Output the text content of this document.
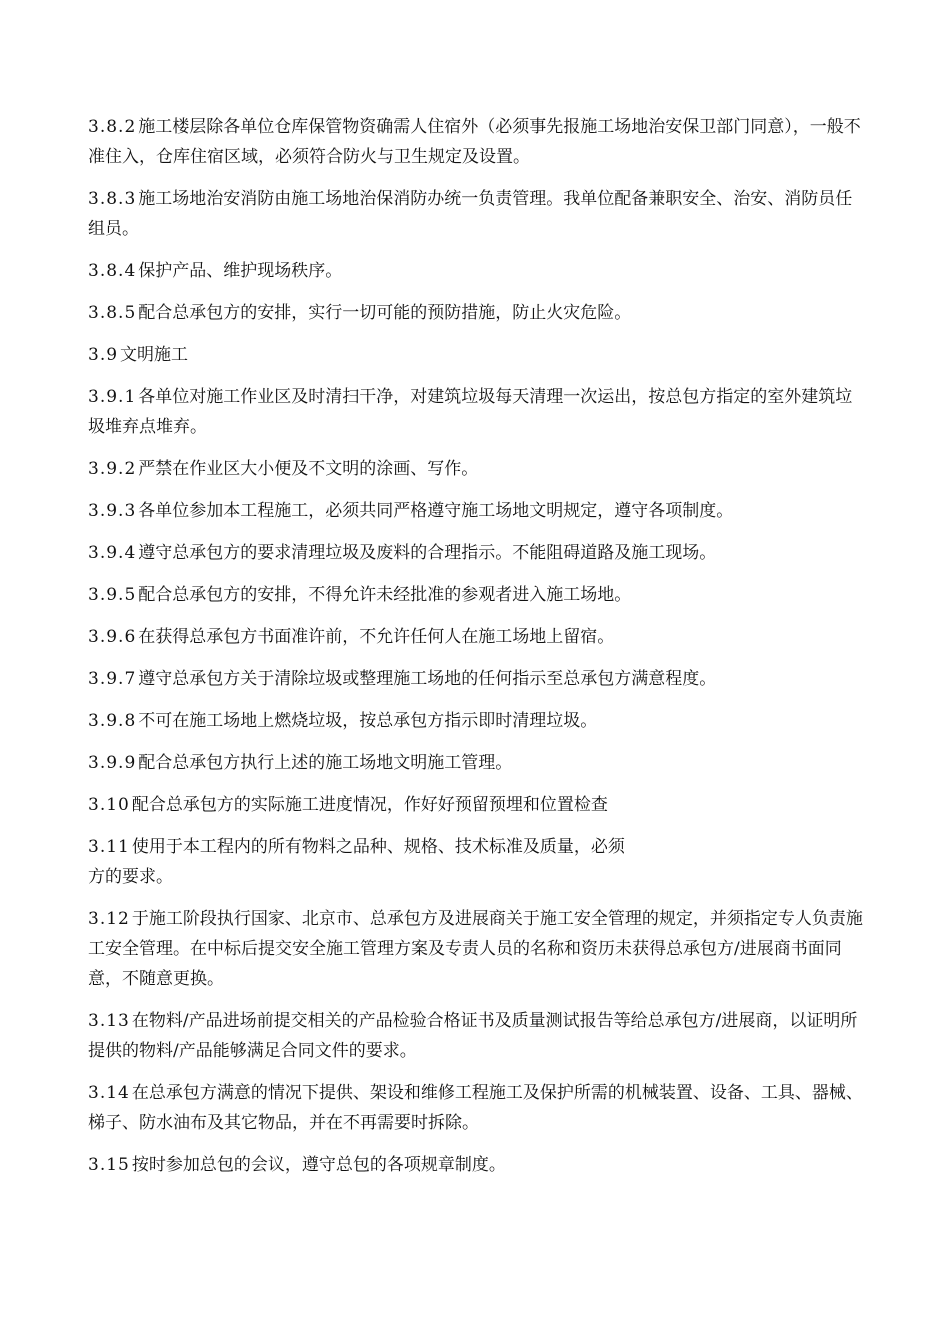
3.8.2 施工楼层除各单位仓库保管物资确需人住宿外（必须事先报施工场地治安保卫部门同意），一般不准住入，仓库住宿区域，必须符合防火与卫生规定及设置。

3.8.3 施工场地治安消防由施工场地治保消防办统一负责管理。我单位配备兼职安全、治安、消防员任组员。

3.8.4 保护产品、维护现场秩序。

3.8.5 配合总承包方的安排，实行一切可能的预防措施，防止火灾危险。

3.9 文明施工

3.9.1 各单位对施工作业区及时清扫干净，对建筑垃圾每天清理一次运出，按总包方指定的室外建筑垃圾堆弃点堆弃。

3.9.2 严禁在作业区大小便及不文明的涂画、写作。

3.9.3 各单位参加本工程施工，必须共同严格遵守施工场地文明规定，遵守各项制度。

3.9.4 遵守总承包方的要求清理垃圾及废料的合理指示。不能阻碍道路及施工现场。

3.9.5 配合总承包方的安排，不得允许未经批准的参观者进入施工场地。

3.9.6 在获得总承包方书面准许前，不允许任何人在施工场地上留宿。

3.9.7 遵守总承包方关于清除垃圾或整理施工场地的任何指示至总承包方满意程度。

3.9.8 不可在施工场地上燃烧垃圾，按总承包方指示即时清理垃圾。

3.9.9 配合总承包方执行上述的施工场地文明施工管理。

3.10 配合总承包方的实际施工进度情况，作好好预留预埋和位置检查

3.11 使用于本工程内的所有物料之品种、规格、技术标准及质量，必须
方的要求。

3.12 于施工阶段执行国家、北京市、总承包方及进展商关于施工安全管理的规定，并须指定专人负责施工安全管理。在中标后提交安全施工管理方案及专责人员的名称和资历未获得总承包方/进展商书面同意，不随意更换。

3.13 在物料/产品进场前提交相关的产品检验合格证书及质量测试报告等给总承包方/进展商，以证明所提供的物料/产品能够满足合同文件的要求。

3.14 在总承包方满意的情况下提供、架设和维修工程施工及保护所需的机械装置、设备、工具、器械、梯子、防水油布及其它物品，并在不再需要时拆除。

3.15 按时参加总包的会议，遵守总包的各项规章制度。
